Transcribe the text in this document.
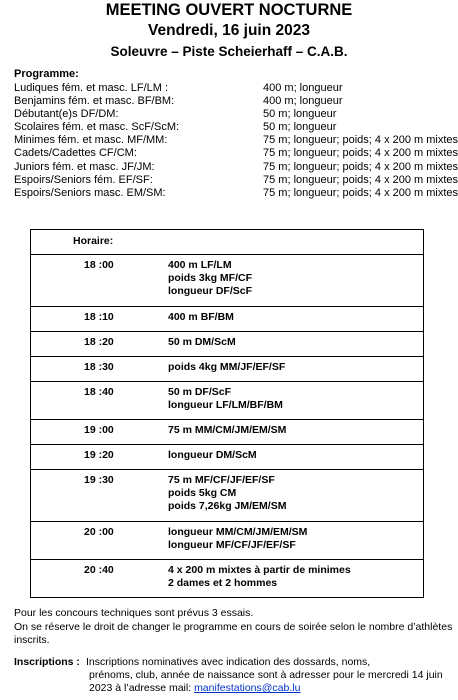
MEETING OUVERT NOCTURNE
Vendredi, 16 juin 2023
Soleuvre – Piste Scheierhaff – C.A.B.
Programme:
Ludiques fém. et masc. LF/LM :	400 m; longueur
Benjamins fém. et masc. BF/BM:	400 m; longueur
Débutant(e)s DF/DM:	50 m; longueur
Scolaires fém. et masc. ScF/ScM:	50 m; longueur
Minimes fém. et masc. MF/MM:	75 m; longueur; poids; 4 x 200 m mixtes
Cadets/Cadettes CF/CM:	75 m; longueur; poids; 4 x 200 m mixtes
Juniors fém. et masc. JF/JM:	75 m; longueur; poids; 4 x 200 m mixtes
Espoirs/Seniors fém. EF/SF:	75 m; longueur; poids; 4 x 200 m mixtes
Espoirs/Seniors masc. EM/SM:	75 m; longueur; poids; 4 x 200 m mixtes
Horaire:	
18 :00	400 m LF/LM
poids 3kg MF/CF
longueur DF/ScF

18 :10	400 m BF/BM

18 :20	50 m DM/ScM

18 :30	poids 4kg MM/JF/EF/SF

18 :40	50 m DF/ScF
longueur LF/LM/BF/BM

19 :00	75 m MM/CM/JM/EM/SM

19 :20	longueur DM/ScM

19 :30	75 m MF/CF/JF/EF/SF
poids 5kg CM
poids 7,26kg JM/EM/SM

20 :00	longueur MM/CM/JM/EM/SM
longueur MF/CF/JF/EF/SF

20 :40	4 x 200 m mixtes à partir de minimes
2 dames et 2 hommes
Pour les concours techniques sont prévus 3 essais.
On se réserve le droit de changer le programme en cours de soirée selon le nombre d’athlètes inscrits.
Inscriptions : Inscriptions nominatives avec indication des dossards, noms,
prénoms, club, année de naissance sont à adresser pour le mercredi 14 juin 2023 à l’adresse mail: manifestations@cab.lu
